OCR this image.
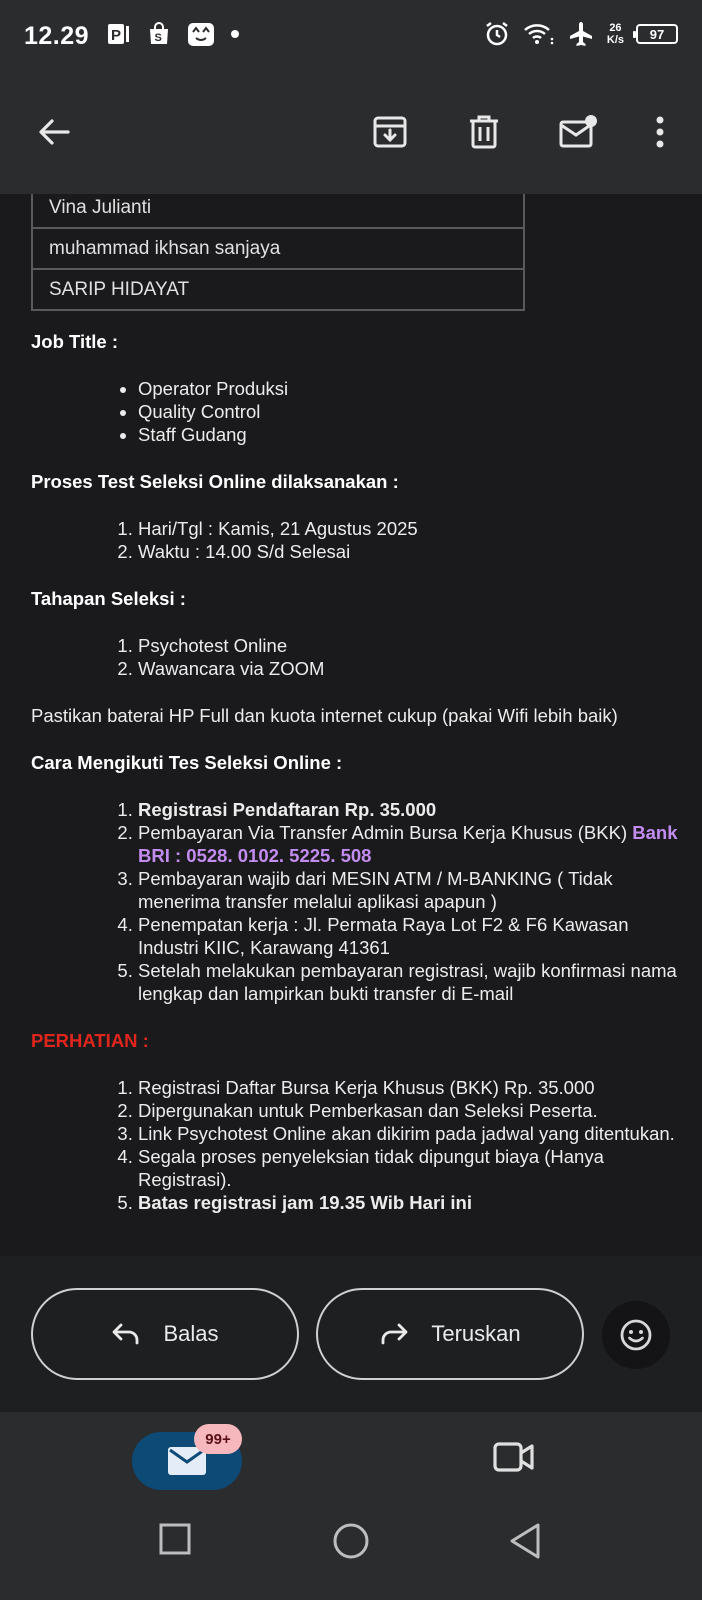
12.29 P	S
26
K/s 97
Vina Julianti
muhammad ikhsan sanjaya
SARIP HIDAYAT
Job Title :
• Operator Produksi
• Quality Control
• Staff Gudang
Proses Test Seleksi Online dilaksanakan :
1. Hari/Tgl : Kamis, 21 Agustus 2025
2. Waktu : 14.00 S/d Selesai
Tahapan Seleksi :
1. Psychotest Online
2. Wawancara via ZOOM
Pastikan baterai HP Full dan kuota internet cukup (pakai Wifi lebih baik)
Cara Mengikuti Tes Seleksi Online :
1. Registrasi Pendaftaran Rp. 35.000
2. Pembayaran Via Transfer Admin Bursa Kerja Khusus (BKK) Bank BRI : 0528. 0102. 5225. 508
3. Pembayaran wajib dari MESIN ATM / M-BANKING ( Tidak menerima transfer melalui aplikasi apapun )
4. Penempatan kerja : Jl. Permata Raya Lot F2 & F6 Kawasan Industri KIIC, Karawang 41361
5. Setelah melakukan pembayaran registrasi, wajib konfirmasi nama lengkap dan lampirkan bukti transfer di E-mail
PERHATIAN :
1. Registrasi Daftar Bursa Kerja Khusus (BKK) Rp. 35.000
2. Dipergunakan untuk Pemberkasan dan Seleksi Peserta.
3. Link Psychotest Online akan dikirim pada jadwal yang ditentukan.
4. Segala proses penyeleksian tidak dipungut biaya (Hanya Registrasi).
5. Batas registrasi jam 19.35 Wib Hari ini
Balas	Teruskan
99+
